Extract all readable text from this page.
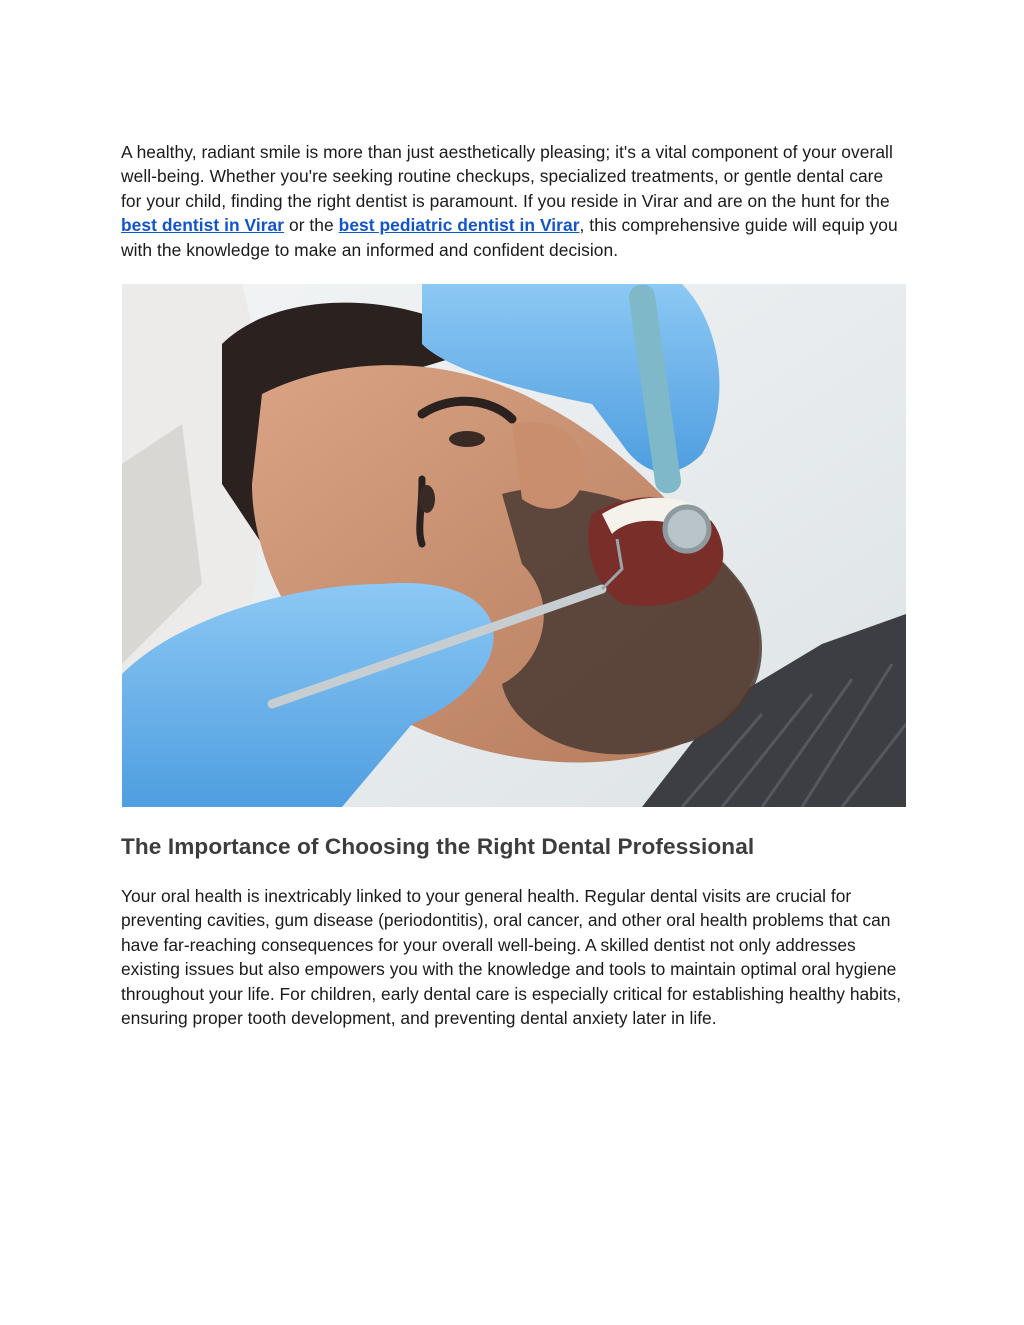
A healthy, radiant smile is more than just aesthetically pleasing; it's a vital component of your overall well-being. Whether you're seeking routine checkups, specialized treatments, or gentle dental care for your child, finding the right dentist is paramount. If you reside in Virar and are on the hunt for the best dentist in Virar or the best pediatric dentist in Virar, this comprehensive guide will equip you with the knowledge to make an informed and confident decision.

The Importance of Choosing the Right Dental Professional

Your oral health is inextricably linked to your general health. Regular dental visits are crucial for preventing cavities, gum disease (periodontitis), oral cancer, and other oral health problems that can have far-reaching consequences for your overall well-being. A skilled dentist not only addresses existing issues but also empowers you with the knowledge and tools to maintain optimal oral hygiene throughout your life. For children, early dental care is especially critical for establishing healthy habits, ensuring proper tooth development, and preventing dental anxiety later in life.
